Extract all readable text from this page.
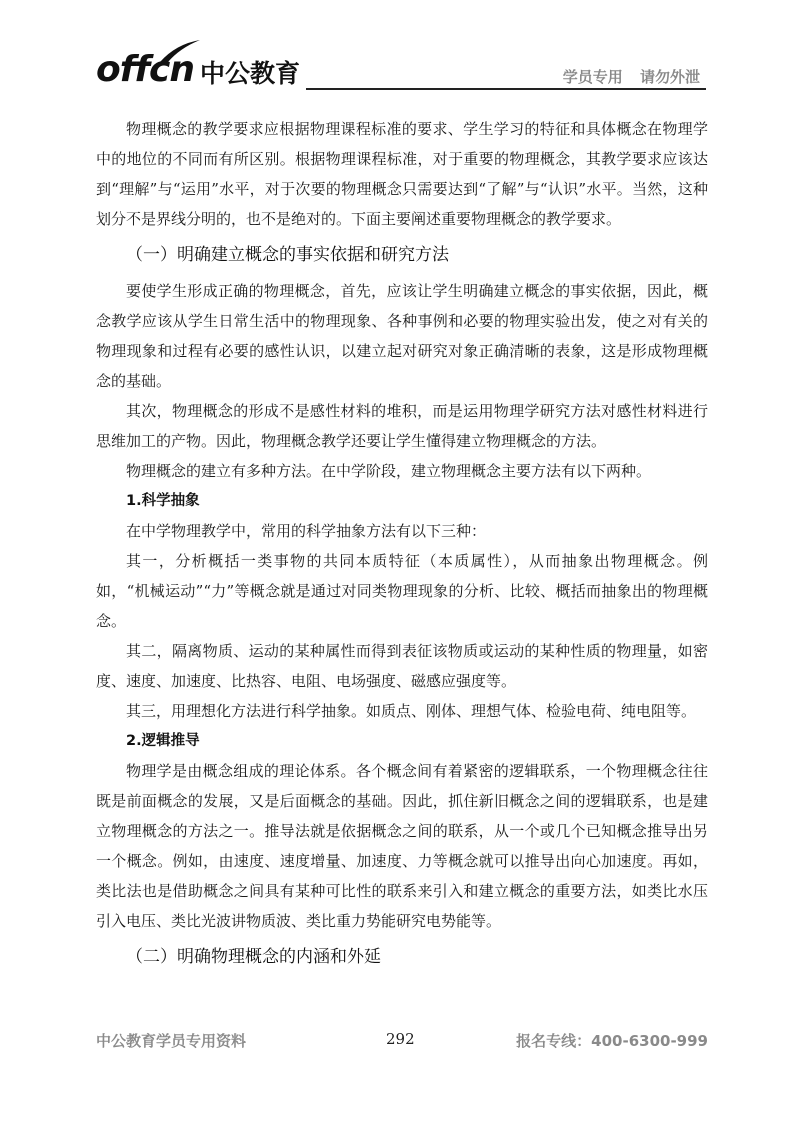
offcn 中公教育	学员专用 请勿外泄

物理概念的教学要求应根据物理课程标准的要求、学生学习的特征和具体概念在物理学中的地位的不同而有所区别。根据物理课程标准，对于重要的物理概念，其教学要求应该达到“理解”与“运用”水平，对于次要的物理概念只需要达到“了解”与“认识”水平。当然，这种划分不是界线分明的，也不是绝对的。下面主要阐述重要物理概念的教学要求。

（一）明确建立概念的事实依据和研究方法

要使学生形成正确的物理概念，首先，应该让学生明确建立概念的事实依据，因此，概念教学应该从学生日常生活中的物理现象、各种事例和必要的物理实验出发，使之对有关的物理现象和过程有必要的感性认识，以建立起对研究对象正确清晰的表象，这是形成物理概念的基础。

其次，物理概念的形成不是感性材料的堆积，而是运用物理学研究方法对感性材料进行思维加工的产物。因此，物理概念教学还要让学生懂得建立物理概念的方法。

物理概念的建立有多种方法。在中学阶段，建立物理概念主要方法有以下两种。

1.科学抽象

在中学物理教学中，常用的科学抽象方法有以下三种：

其一，分析概括一类事物的共同本质特征（本质属性），从而抽象出物理概念。例如，“机械运动”“力”等概念就是通过对同类物理现象的分析、比较、概括而抽象出的物理概念。

其二，隔离物质、运动的某种属性而得到表征该物质或运动的某种性质的物理量，如密度、速度、加速度、比热容、电阻、电场强度、磁感应强度等。

其三，用理想化方法进行科学抽象。如质点、刚体、理想气体、检验电荷、纯电阻等。

2.逻辑推导

物理学是由概念组成的理论体系。各个概念间有着紧密的逻辑联系，一个物理概念往往既是前面概念的发展，又是后面概念的基础。因此，抓住新旧概念之间的逻辑联系，也是建立物理概念的方法之一。推导法就是依据概念之间的联系，从一个或几个已知概念推导出另一个概念。例如，由速度、速度增量、加速度、力等概念就可以推导出向心加速度。再如，类比法也是借助概念之间具有某种可比性的联系来引入和建立概念的重要方法，如类比水压引入电压、类比光波讲物质波、类比重力势能研究电势能等。

（二）明确物理概念的内涵和外延
中公教育学员专用资料	292	报名专线：400-6300-999
